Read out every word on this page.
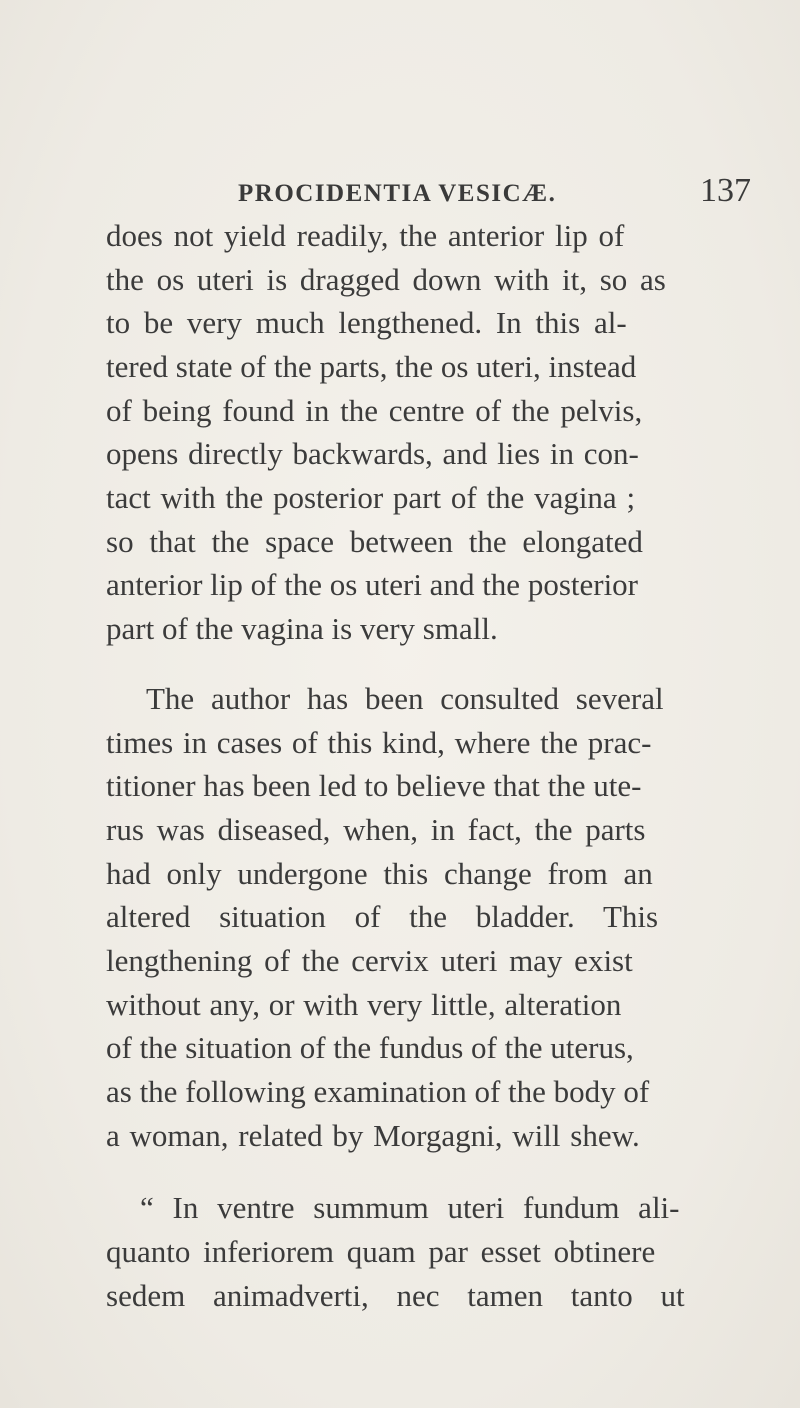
PROCIDENTIA VESICÆ.	137
does not yield readily, the anterior lip of
the os uteri is dragged down with it, so as
to be very much lengthened. In this al-
tered state of the parts, the os uteri, instead
of being found in the centre of the pelvis,
opens directly backwards, and lies in con-
tact with the posterior part of the vagina ;
so that the space between the elongated
anterior lip of the os uteri and the posterior
part of the vagina is very small.
The author has been consulted several
times in cases of this kind, where the prac-
titioner has been led to believe that the ute-
rus was diseased, when, in fact, the parts
had only undergone this change from an
altered situation of the bladder. This
lengthening of the cervix uteri may exist
without any, or with very little, alteration
of the situation of the fundus of the uterus,
as the following examination of the body of
a woman, related by Morgagni, will shew.
“ In ventre summum uteri fundum ali-
quanto inferiorem quam par esset obtinere
sedem animadverti, nec tamen tanto ut
